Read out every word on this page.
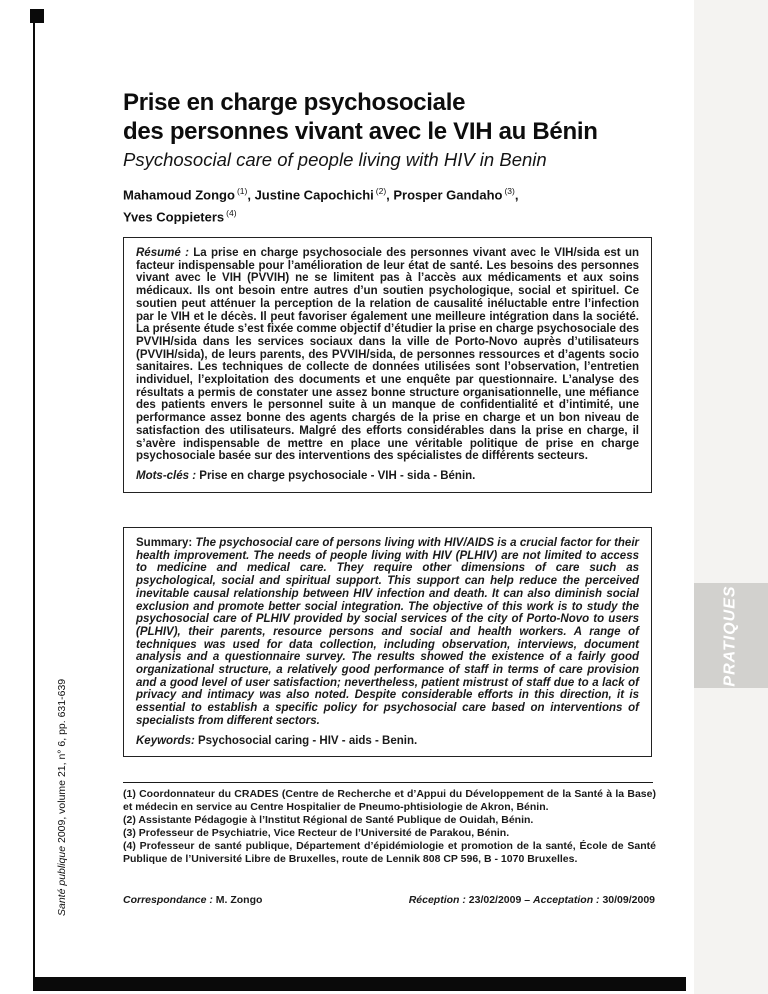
PRATIQUES
Santé publique 2009, volume 21, n° 6, pp. 631-639
Prise en charge psychosociale
des personnes vivant avec le VIH au Bénin
Psychosocial care of people living with HIV in Benin
Mahamoud Zongo $^{(1)}$, Justine Capochichi $^{(2)}$, Prosper Gandaho $^{(3)}$,
Yves Coppieters $^{(4)}$

Résumé : La prise en charge psychosociale des personnes vivant avec le VIH/sida est un facteur indispensable pour l’amélioration de leur état de santé. Les besoins des personnes vivant avec le VIH (PVVIH) ne se limitent pas à l’accès aux médicaments et aux soins médicaux. Ils ont besoin entre autres d’un soutien psychologique, social et spirituel. Ce soutien peut atténuer la perception de la relation de causalité inéluctable entre l’infection par le VIH et le décès. Il peut favoriser également une meilleure intégration dans la société. La présente étude s’est fixée comme objectif d’étudier la prise en charge psychosociale des PVVIH/sida dans les services sociaux dans la ville de Porto-Novo auprès d’utilisateurs (PVVIH/sida), de leurs parents, des PVVIH/sida, de personnes ressources et d’agents socio sanitaires. Les techniques de collecte de données utilisées sont l’observation, l’entretien individuel, l’exploitation des documents et une enquête par questionnaire. L’analyse des résultats a permis de constater une assez bonne structure organisationnelle, une méfiance des patients envers le personnel suite à un manque de confidentialité et d’intimité, une performance assez bonne des agents chargés de la prise en charge et un bon niveau de satisfaction des utilisateurs. Malgré des efforts considérables dans la prise en charge, il s’avère indispensable de mettre en place une véritable politique de prise en charge psychosociale basée sur des interventions des spécialistes de différents secteurs.

Mots-clés : Prise en charge psychosociale - VIH - sida - Bénin.

Summary: The psychosocial care of persons living with HIV/AIDS is a crucial factor for their health improvement. The needs of people living with HIV (PLHIV) are not limited to access to medicine and medical care. They require other dimensions of care such as psychological, social and spiritual support. This support can help reduce the perceived inevitable causal relationship between HIV infection and death. It can also diminish social exclusion and promote better social integration. The objective of this work is to study the psychosocial care of PLHIV provided by social services of the city of Porto-Novo to users (PLHIV), their parents, resource persons and social and health workers. A range of techniques was used for data collection, including observation, interviews, document analysis and a questionnaire survey. The results showed the existence of a fairly good organizational structure, a relatively good performance of staff in terms of care provision and a good level of user satisfaction; nevertheless, patient mistrust of staff due to a lack of privacy and intimacy was also noted. Despite considerable efforts in this direction, it is essential to establish a specific policy for psychosocial care based on interventions of specialists from different sectors.

Keywords: Psychosocial caring - HIV - aids - Benin.

(1) Coordonnateur du CRADES (Centre de Recherche et d’Appui du Développement de la Santé à la Base) et médecin en service au Centre Hospitalier de Pneumo-phtisiologie de Akron, Bénin.
(2) Assistante Pédagogie à l’Institut Régional de Santé Publique de Ouidah, Bénin.
(3) Professeur de Psychiatrie, Vice Recteur de l’Université de Parakou, Bénin.
(4) Professeur de santé publique, Département d’épidémiologie et promotion de la santé, École de Santé Publique de l’Université Libre de Bruxelles, route de Lennik 808 CP 596, B - 1070 Bruxelles.
Correspondance : M. Zongo	Réception : 23/02/2009 – Acceptation : 30/09/2009
